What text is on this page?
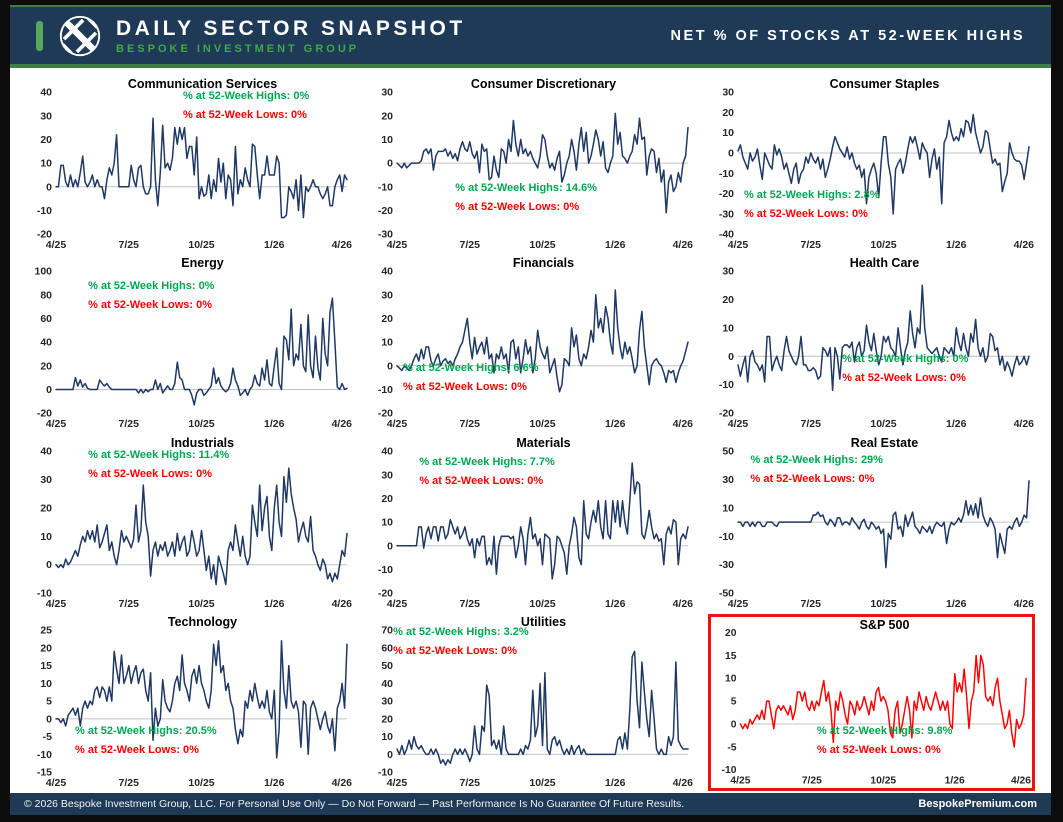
DAILY SECTOR SNAPSHOT
BESPOKE INVESTMENT GROUP
NET % OF STOCKS AT 52-WEEK HIGHS
40
30
20
10
0
-10
-20
4/25	7/25	10/25	1/26	4/26
Communication Services
% at 52-Week Highs: 0%
% at 52-Week Lows: 0%
30
20
10
0
-10
-20
-30
4/25	7/25	10/25	1/26	4/26
Consumer Discretionary
% at 52-Week Highs: 14.6%
% at 52-Week Lows: 0%
30
20
10
0
-10
-20
-30
-40
4/25	7/25	10/25	1/26	4/26
Consumer Staples
% at 52-Week Highs: 2.8%
% at 52-Week Lows: 0%
100
80
60
40
20
0
-20
4/25	7/25	10/25	1/26	4/26
Energy
% at 52-Week Highs: 0%
% at 52-Week Lows: 0%
40
30
20
10
0
-10
-20
4/25	7/25	10/25	1/26	4/26
Financials
% at 52-Week Highs: 6.6%
% at 52-Week Lows: 0%
30
20
10
0
-10
-20
4/25	7/25	10/25	1/26	4/26
Health Care
% at 52-Week Highs: 0%
% at 52-Week Lows: 0%
40
30
20
10
0
-10
4/25	7/25	10/25	1/26	4/26
Industrials
% at 52-Week Highs: 11.4%
% at 52-Week Lows: 0%
40
30
20
10
0
-10
-20
4/25	7/25	10/25	1/26	4/26
Materials
% at 52-Week Highs: 7.7%
% at 52-Week Lows: 0%
50
30
10
-10
-30
-50
4/25	7/25	10/25	1/26	4/26
Real Estate
% at 52-Week Highs: 29%
% at 52-Week Lows: 0%
25
20
15
10
5
0
-5
-10
-15
4/25	7/25	10/25	1/26	4/26
Technology
% at 52-Week Highs: 20.5%
% at 52-Week Lows: 0%
70
60
50
40
30
20
10
0
-10
4/25	7/25	10/25	1/26	4/26
Utilities
% at 52-Week Highs: 3.2%
% at 52-Week Lows: 0%
20
15
10
5
0
-5
-10
4/25	7/25	10/25	1/26	4/26
S&P 500
% at 52-Week Highs: 9.8%
% at 52-Week Lows: 0%
© 2026 Bespoke Investment Group, LLC. For Personal Use Only — Do Not Forward — Past Performance Is No Guarantee Of Future Results.	BespokePremium.com
